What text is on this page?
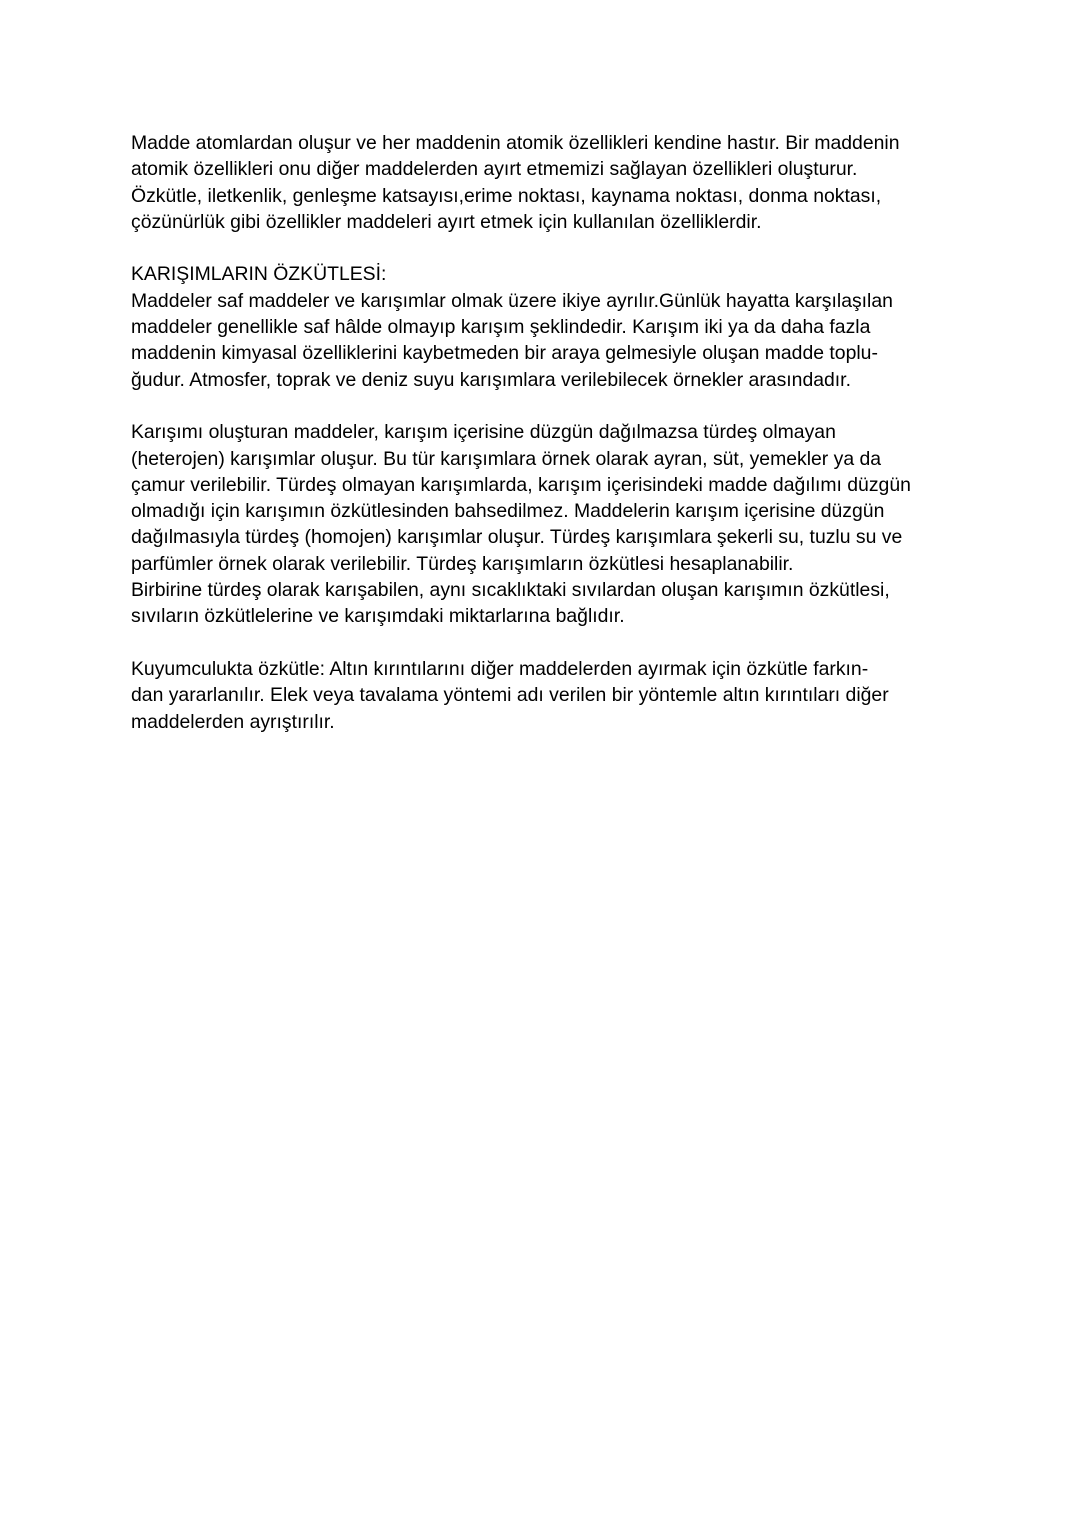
Madde atomlardan oluşur ve her maddenin atomik özellikleri kendine hastır. Bir maddenin
atomik özellikleri onu diğer maddelerden ayırt etmemizi sağlayan özellikleri oluşturur.
Özkütle, iletkenlik, genleşme katsayısı,erime noktası, kaynama noktası, donma noktası,
çözünürlük gibi özellikler maddeleri ayırt etmek için kullanılan özelliklerdir.

KARIŞIMLARIN ÖZKÜTLESİ:
Maddeler saf maddeler ve karışımlar olmak üzere ikiye ayrılır.Günlük hayatta karşılaşılan
maddeler genellikle saf hâlde olmayıp karışım şeklindedir. Karışım iki ya da daha fazla
maddenin kimyasal özelliklerini kaybetmeden bir araya gelmesiyle oluşan madde toplu-
ğudur. Atmosfer, toprak ve deniz suyu karışımlara verilebilecek örnekler arasındadır.

Karışımı oluşturan maddeler, karışım içerisine düzgün dağılmazsa türdeş olmayan
(heterojen) karışımlar oluşur. Bu tür karışımlara örnek olarak ayran, süt, yemekler ya da
çamur verilebilir. Türdeş olmayan karışımlarda, karışım içerisindeki madde dağılımı düzgün
olmadığı için karışımın özkütlesinden bahsedilmez. Maddelerin karışım içerisine düzgün
dağılmasıyla türdeş (homojen) karışımlar oluşur. Türdeş karışımlara şekerli su, tuzlu su ve
parfümler örnek olarak verilebilir. Türdeş karışımların özkütlesi hesaplanabilir.
Birbirine türdeş olarak karışabilen, aynı sıcaklıktaki sıvılardan oluşan karışımın özkütlesi,
sıvıların özkütlelerine ve karışımdaki miktarlarına bağlıdır.

Kuyumculukta özkütle: Altın kırıntılarını diğer maddelerden ayırmak için özkütle farkın-
dan yararlanılır. Elek veya tavalama yöntemi adı verilen bir yöntemle altın kırıntıları diğer
maddelerden ayrıştırılır.
